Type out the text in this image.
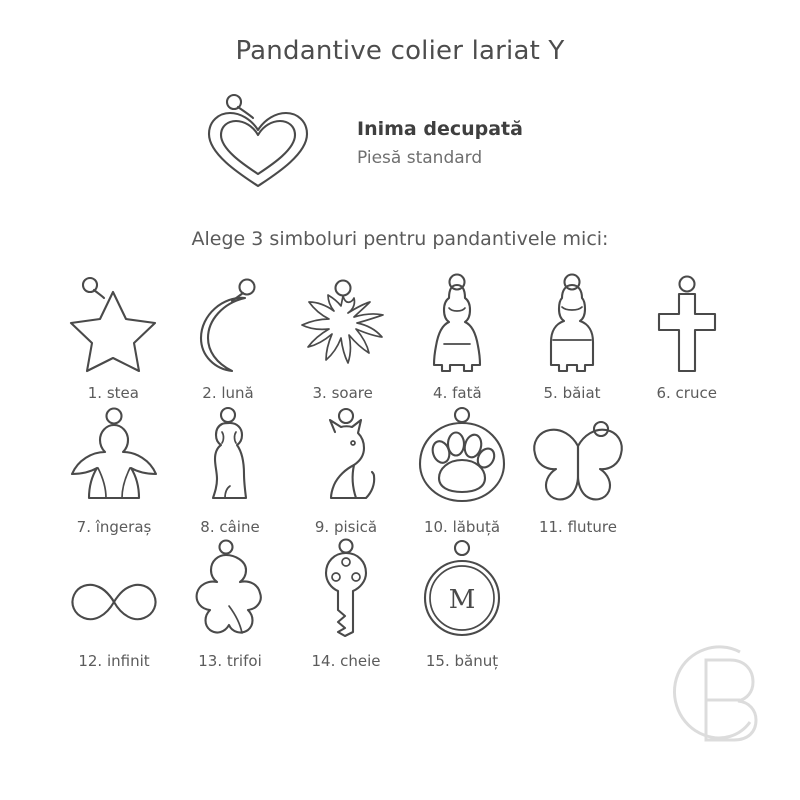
Pandantive colier lariat Y
Inima decupată
Piesă standard
Alege 3 simboluri pentru pandantivele mici:
1. stea	2. lună	3. soare	4. fată	5. băiat	6. cruce
7. îngeraș	8. câine	9. pisică	10. lăbuță	11. fluture
12. infinit	13. trifoi	14. cheie
M
15. bănuț
